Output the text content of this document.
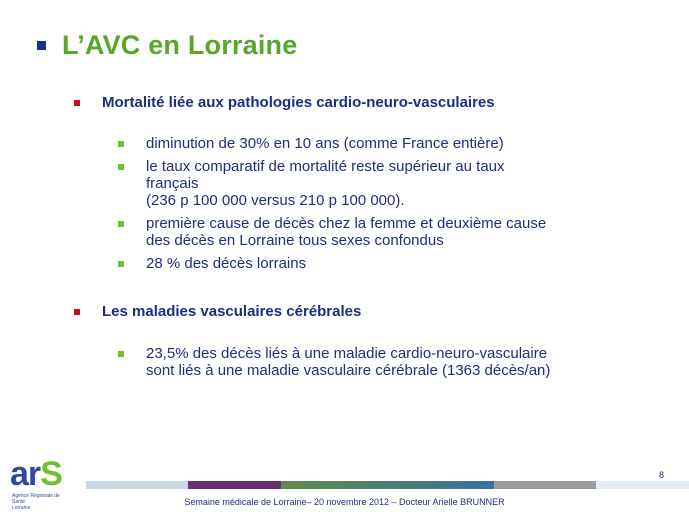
L’AVC en Lorraine
Mortalité liée aux pathologies cardio-neuro-vasculaires
diminution de 30% en 10 ans (comme France entière)
le taux comparatif de mortalité reste supérieur au taux
français
(236 p 100 000 versus 210 p 100 000).
première cause de décès chez la femme et deuxième cause
des décès en Lorraine tous sexes confondus
28 % des décès lorrains
Les maladies vasculaires cérébrales
23,5% des décès liés à une maladie cardio-neuro-vasculaire
sont liés à une maladie vasculaire cérébrale (1363 décès/an)
arS
Agence Régionale de Santé
Lorraine
8
Semaine médicale de Lorraine– 20 novembre 2012 – Docteur Arielle BRUNNER
